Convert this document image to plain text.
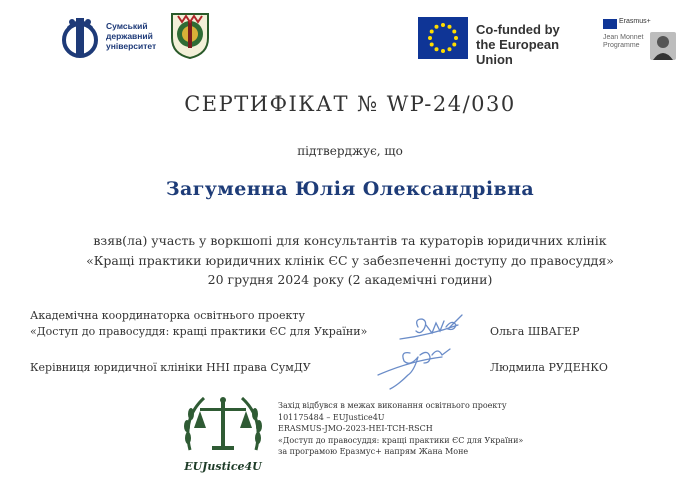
Сумський
державний
університет
Co-funded by
the European Union
Erasmus+
Jean Monnet
Programme
СЕРТИФІКАТ № WP-24/030
підтверджує, що
Загуменна Юлія Олександрівна
взяв(ла) участь у воркшопі для консультантів та кураторів юридичних клінік
«Кращі практики юридичних клінік ЄС у забезпеченні доступу до правосуддя»
20 грудня 2024 року (2 академічні години)
Академічна координаторка освітнього проекту
«Доступ до правосуддя: кращі практики ЄС для України»	Ольга ШВАГЕР
Керівниця юридичної клініки ННІ права СумДУ	Людмила РУДЕНКО
EUJustice4U
Захід відбувся в межах виконання освітнього проекту
101175484 – EUJustice4U
ERASMUS-JMO-2023-HEI-TCH-RSCH
«Доступ до правосуддя: кращі практики ЄС для України»
за програмою Еразмус+ напрям Жана Моне
